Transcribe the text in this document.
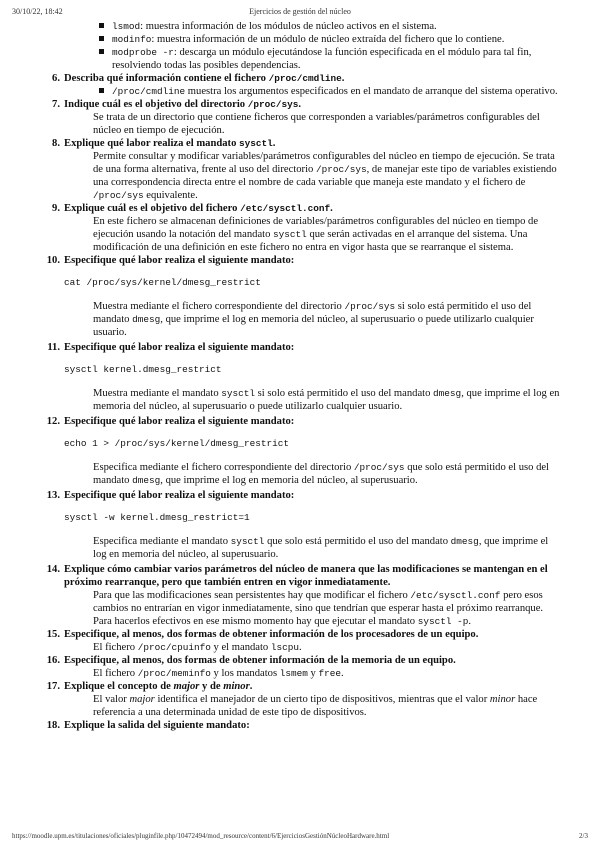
30/10/22, 18:42	Ejercicios de gestión del núcleo
lsmod: muestra información de los módulos de núcleo activos en el sistema.
modinfo: muestra información de un módulo de núcleo extraída del fichero que lo contiene.
modprobe -r: descarga un módulo ejecutándose la función especificada en el módulo para tal fin, resolviendo todas las posibles dependencias.
6. Describa qué información contiene el fichero /proc/cmdline.
/proc/cmdline muestra los argumentos especificados en el mandato de arranque del sistema operativo.
7. Indique cuál es el objetivo del directorio /proc/sys.
Se trata de un directorio que contiene ficheros que corresponden a variables/parámetros configurables del núcleo en tiempo de ejecución.
8. Explique qué labor realiza el mandato sysctl.
Permite consultar y modificar variables/parámetros configurables del núcleo en tiempo de ejecución. Se trata de una forma alternativa, frente al uso del directorio /proc/sys, de manejar este tipo de variables existiendo una correspondencia directa entre el nombre de cada variable que maneja este mandato y el fichero de /proc/sys equivalente.
9. Explique cuál es el objetivo del fichero /etc/sysctl.conf.
En este fichero se almacenan definiciones de variables/parámetros configurables del núcleo en tiempo de ejecución usando la notación del mandato sysctl que serán activadas en el arranque del sistema. Una modificación de una definición en este fichero no entra en vigor hasta que se rearranque el sistema.
10. Especifique qué labor realiza el siguiente mandato:
cat /proc/sys/kernel/dmesg_restrict
Muestra mediante el fichero correspondiente del directorio /proc/sys si solo está permitido el uso del mandato dmesg, que imprime el log en memoria del núcleo, al superusuario o puede utilizarlo cualquier usuario.
11. Especifique qué labor realiza el siguiente mandato:
sysctl kernel.dmesg_restrict
Muestra mediante el mandato sysctl si solo está permitido el uso del mandato dmesg, que imprime el log en memoria del núcleo, al superusuario o puede utilizarlo cualquier usuario.
12. Especifique qué labor realiza el siguiente mandato:
echo 1 > /proc/sys/kernel/dmesg_restrict
Especifica mediante el fichero correspondiente del directorio /proc/sys que solo está permitido el uso del mandato dmesg, que imprime el log en memoria del núcleo, al superusuario.
13. Especifique qué labor realiza el siguiente mandato:
sysctl -w kernel.dmesg_restrict=1
Especifica mediante el mandato sysctl que solo está permitido el uso del mandato dmesg, que imprime el log en memoria del núcleo, al superusuario.
14. Explique cómo cambiar varios parámetros del núcleo de manera que las modificaciones se mantengan en el próximo rearranque, pero que también entren en vigor inmediatamente.
Para que las modificaciones sean persistentes hay que modificar el fichero /etc/sysctl.conf pero esos cambios no entrarían en vigor inmediatamente, sino que tendrían que esperar hasta el próximo rearranque. Para hacerlos efectivos en ese mismo momento hay que ejecutar el mandato sysctl -p.
15. Especifique, al menos, dos formas de obtener información de los procesadores de un equipo.
El fichero /proc/cpuinfo y el mandato lscpu.
16. Especifique, al menos, dos formas de obtener información de la memoria de un equipo.
El fichero /proc/meminfo y los mandatos lsmem y free.
17. Explique el concepto de major y de minor.
El valor major identifica el manejador de un cierto tipo de dispositivos, mientras que el valor minor hace referencia a una determinada unidad de este tipo de dispositivos.
18. Explique la salida del siguiente mandato:
https://moodle.upm.es/titulaciones/oficiales/pluginfile.php/10472494/mod_resource/content/6/EjerciciosGestiónNúcleoHardware.html	2/3
